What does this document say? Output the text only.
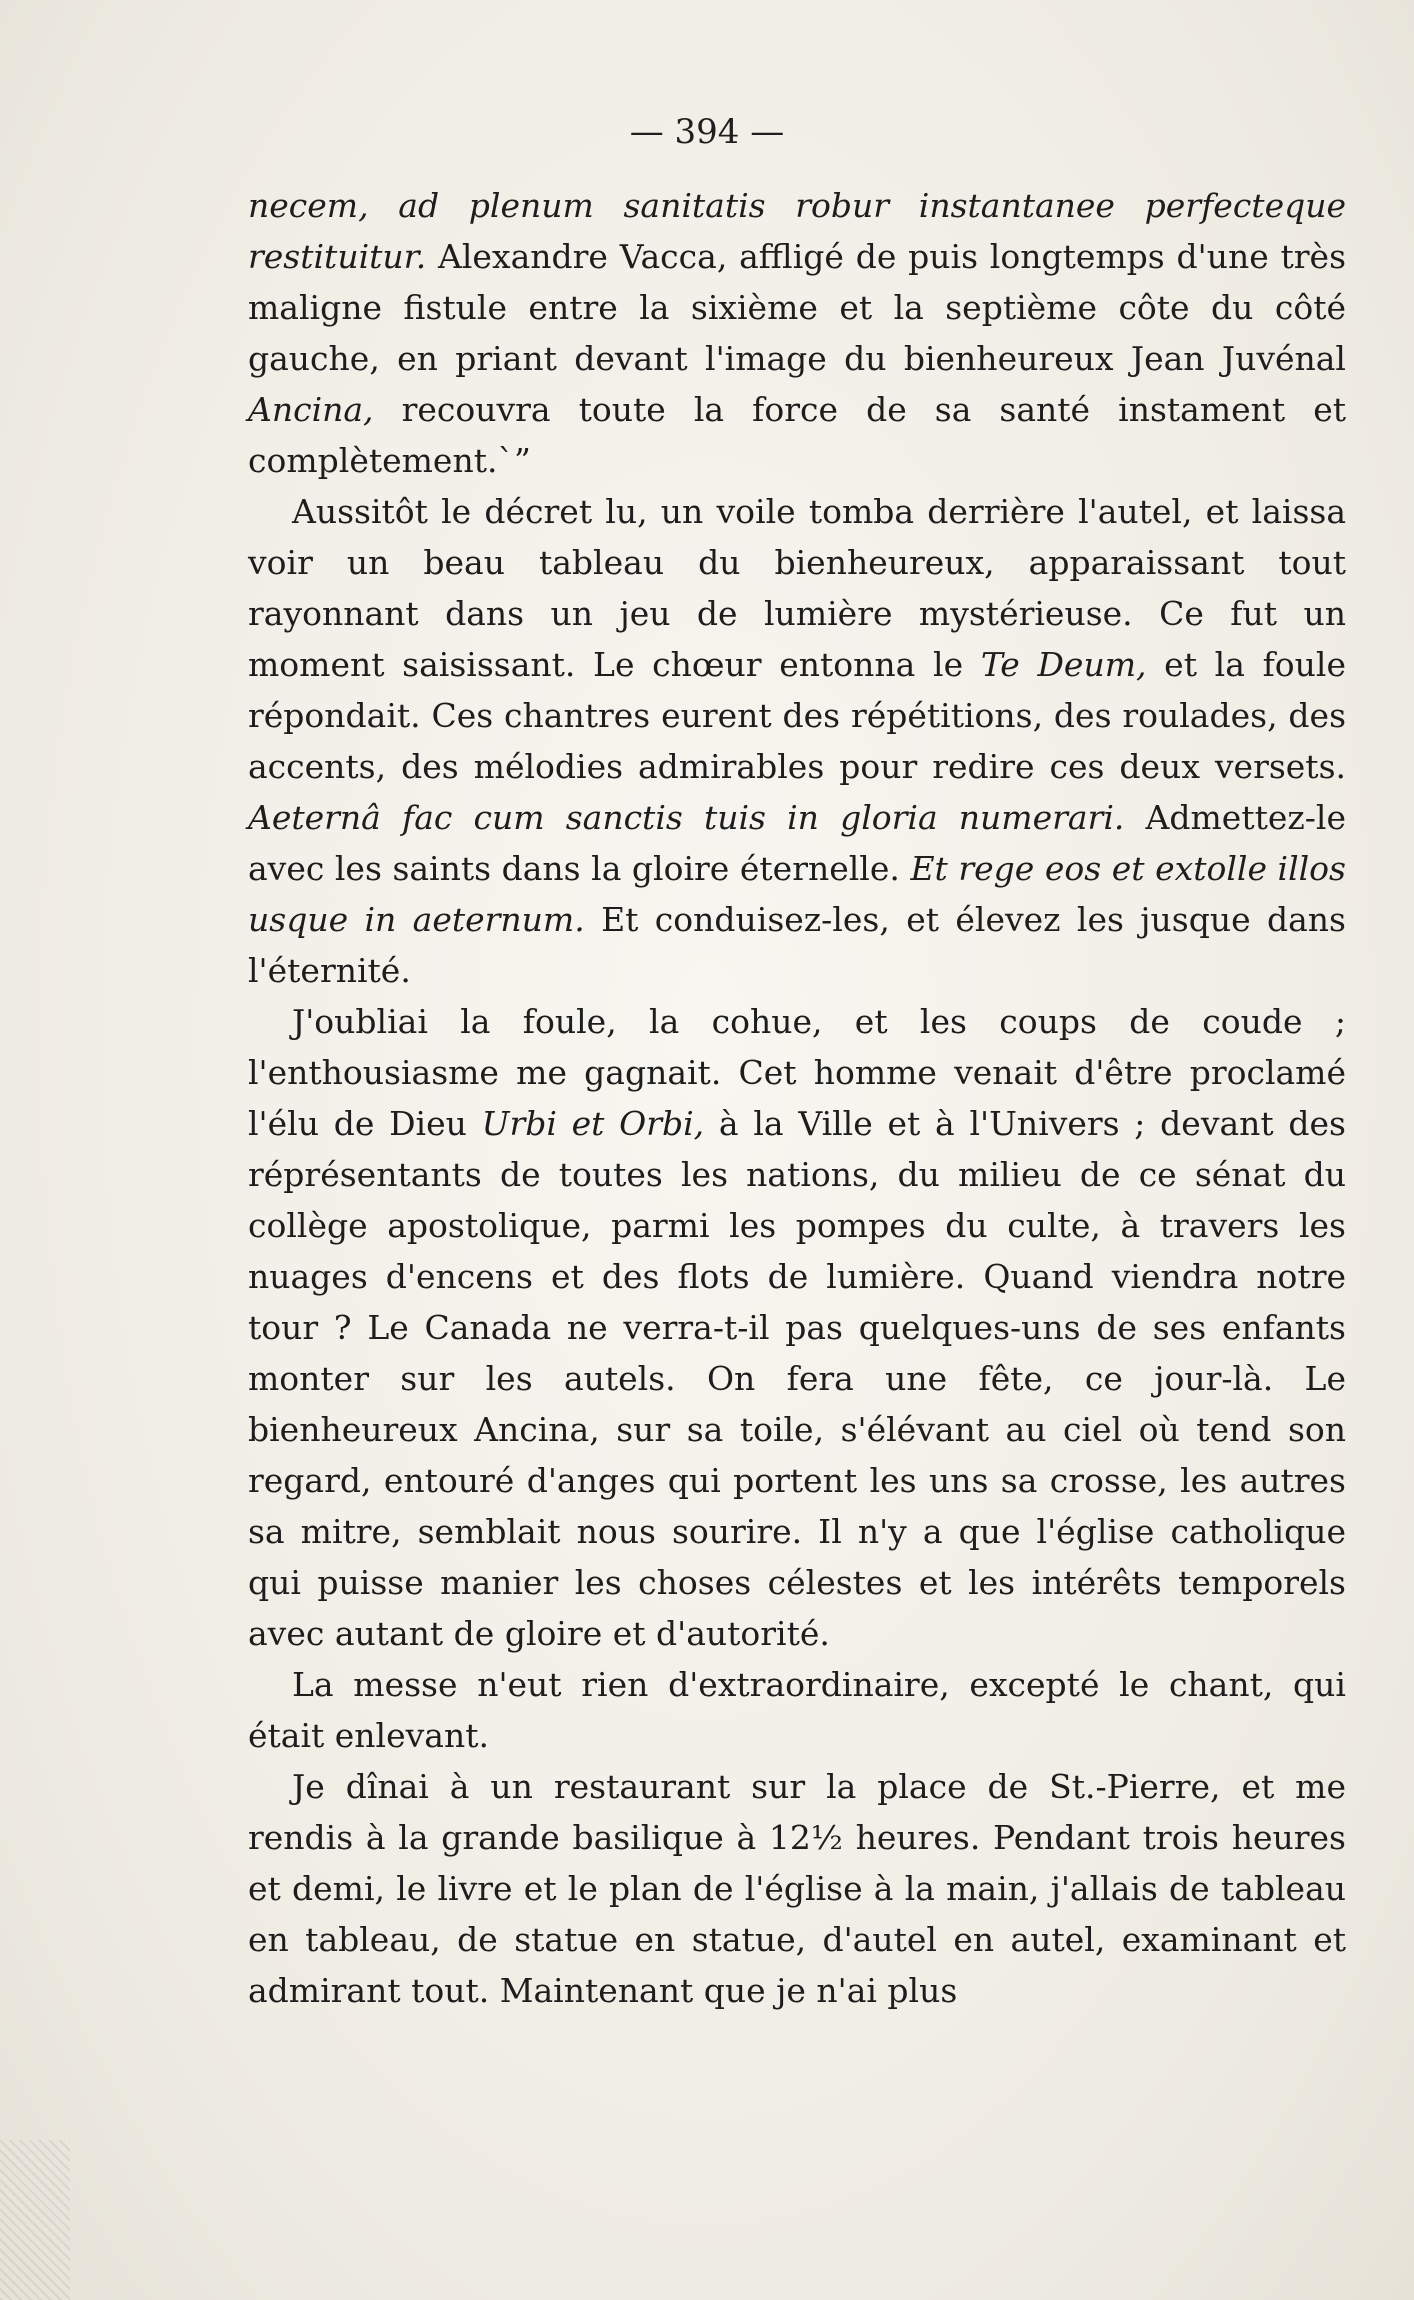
— 394 —

necem, ad plenum sanitatis robur instantanee perfecteque restituitur. Alexandre Vacca, affligé de puis longtemps d'une très maligne fistule entre la sixième et la septième côte du côté gauche, en priant devant l'image du bienheureux Jean Juvénal Ancina, recouvra toute la force de sa santé instament et complètement.`”

Aussitôt le décret lu, un voile tomba derrière l'autel, et laissa voir un beau tableau du bienheureux, apparaissant tout rayonnant dans un jeu de lumière mystérieuse. Ce fut un moment saisissant. Le chœur entonna le Te Deum, et la foule répondait. Ces chantres eurent des répétitions, des roulades, des accents, des mélodies admirables pour redire ces deux versets. Aeternâ fac cum sanctis tuis in gloria numerari. Admettez-le avec les saints dans la gloire éternelle. Et rege eos et extolle illos usque in aeternum. Et conduisez-les, et élevez les jusque dans l'éternité.

J'oubliai la foule, la cohue, et les coups de coude ; l'enthousiasme me gagnait. Cet homme venait d'être proclamé l'élu de Dieu Urbi et Orbi, à la Ville et à l'Univers ; devant des réprésentants de toutes les nations, du milieu de ce sénat du collège apostolique, parmi les pompes du culte, à travers les nuages d'encens et des flots de lumière. Quand viendra notre tour ? Le Canada ne verra-t-il pas quelques-uns de ses enfants monter sur les autels. On fera une fête, ce jour-là. Le bienheureux Ancina, sur sa toile, s'élévant au ciel où tend son regard, entouré d'anges qui portent les uns sa crosse, les autres sa mitre, semblait nous sourire. Il n'y a que l'église catholique qui puisse manier les choses célestes et les intérêts temporels avec autant de gloire et d'autorité.

La messe n'eut rien d'extraordinaire, excepté le chant, qui était enlevant.

Je dînai à un restaurant sur la place de St.-Pierre, et me rendis à la grande basilique à 12½ heures. Pendant trois heures et demi, le livre et le plan de l'église à la main, j'allais de tableau en tableau, de statue en statue, d'autel en autel, examinant et admirant tout. Maintenant que je n'ai plus
